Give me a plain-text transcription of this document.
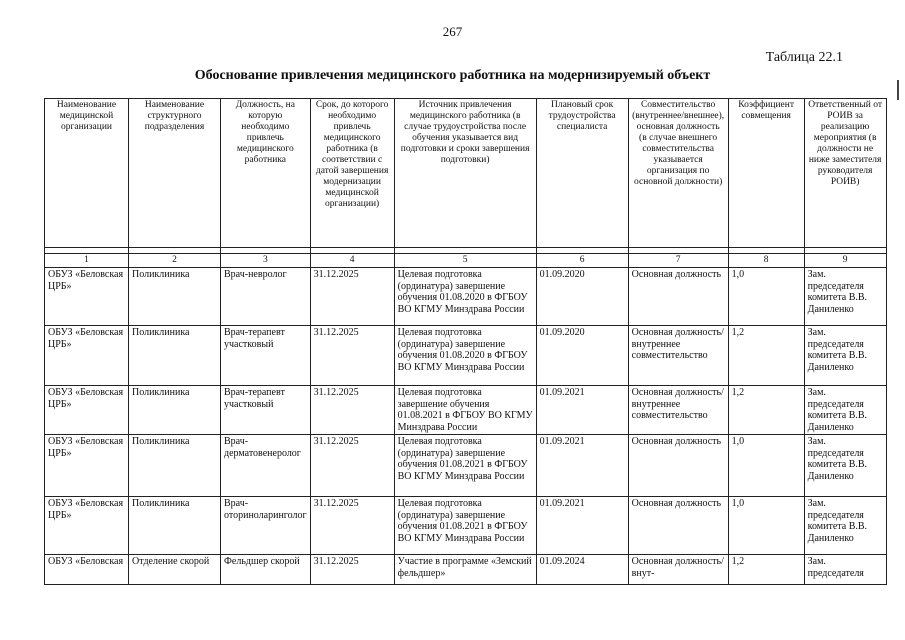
267
Таблица 22.1
Обоснование привлечения медицинского работника на модернизируемый объект
Наименование медицинской организации	Наименование структурного подразделения	Должность, на которую необходимо привлечь медицинского работника	Срок, до которого необходимо привлечь медицинского работника (в соответствии с датой завершения модернизации медицинской организации)	Источник привлечения медицинского работника (в случае трудоустройства после обучения указывается вид подготовки и сроки завершения подготовки)	Плановый срок трудоустройства специалиста	Совместительство (внутреннее/внешнее), основная должность (в случае внешнего совместительства указывается организация по основной должности)	Коэффициент совмещения	Ответственный от РОИВ за реализацию мероприятия (в должности не ниже заместителя руководителя РОИВ)

1	2	3	4	5	6	7	8	9
ОБУЗ «Беловская ЦРБ»	Поликлиника	Врач-невролог	31.12.2025	Целевая подготовка (ординатура) завершение обучения 01.08.2020 в ФГБОУ ВО КГМУ Минздрава России	01.09.2020	Основная должность	1,0	Зам. председателя комитета В.В. Даниленко
ОБУЗ «Беловская ЦРБ»	Поликлиника	Врач-терапевт участковый	31.12.2025	Целевая подготовка (ординатура) завершение обучения 01.08.2020 в ФГБОУ ВО КГМУ Минздрава России	01.09.2020	Основная должность/внутреннее совместительство	1,2	Зам. председателя комитета В.В. Даниленко
ОБУЗ «Беловская ЦРБ»	Поликлиника	Врач-терапевт участковый	31.12.2025	Целевая подготовка завершение обучения 01.08.2021 в ФГБОУ ВО КГМУ Минздрава России	01.09.2021	Основная должность/внутреннее совместительство	1,2	Зам. председателя комитета В.В. Даниленко
ОБУЗ «Беловская ЦРБ»	Поликлиника	Врач-дерматовенеролог	31.12.2025	Целевая подготовка (ординатура) завершение обучения 01.08.2021 в ФГБОУ ВО КГМУ Минздрава России	01.09.2021	Основная должность	1,0	Зам. председателя комитета В.В. Даниленко
ОБУЗ «Беловская ЦРБ»	Поликлиника	Врач-оториноларинголог	31.12.2025	Целевая подготовка (ординатура) завершение обучения 01.08.2021 в ФГБОУ ВО КГМУ Минздрава России	01.09.2021	Основная должность	1,0	Зам. председателя комитета В.В. Даниленко
ОБУЗ «Беловская	Отделение скорой	Фельдшер скорой	31.12.2025	Участие в программе «Земский фельдшер»	01.09.2024	Основная должность/внут-	1,2	Зам. председателя
